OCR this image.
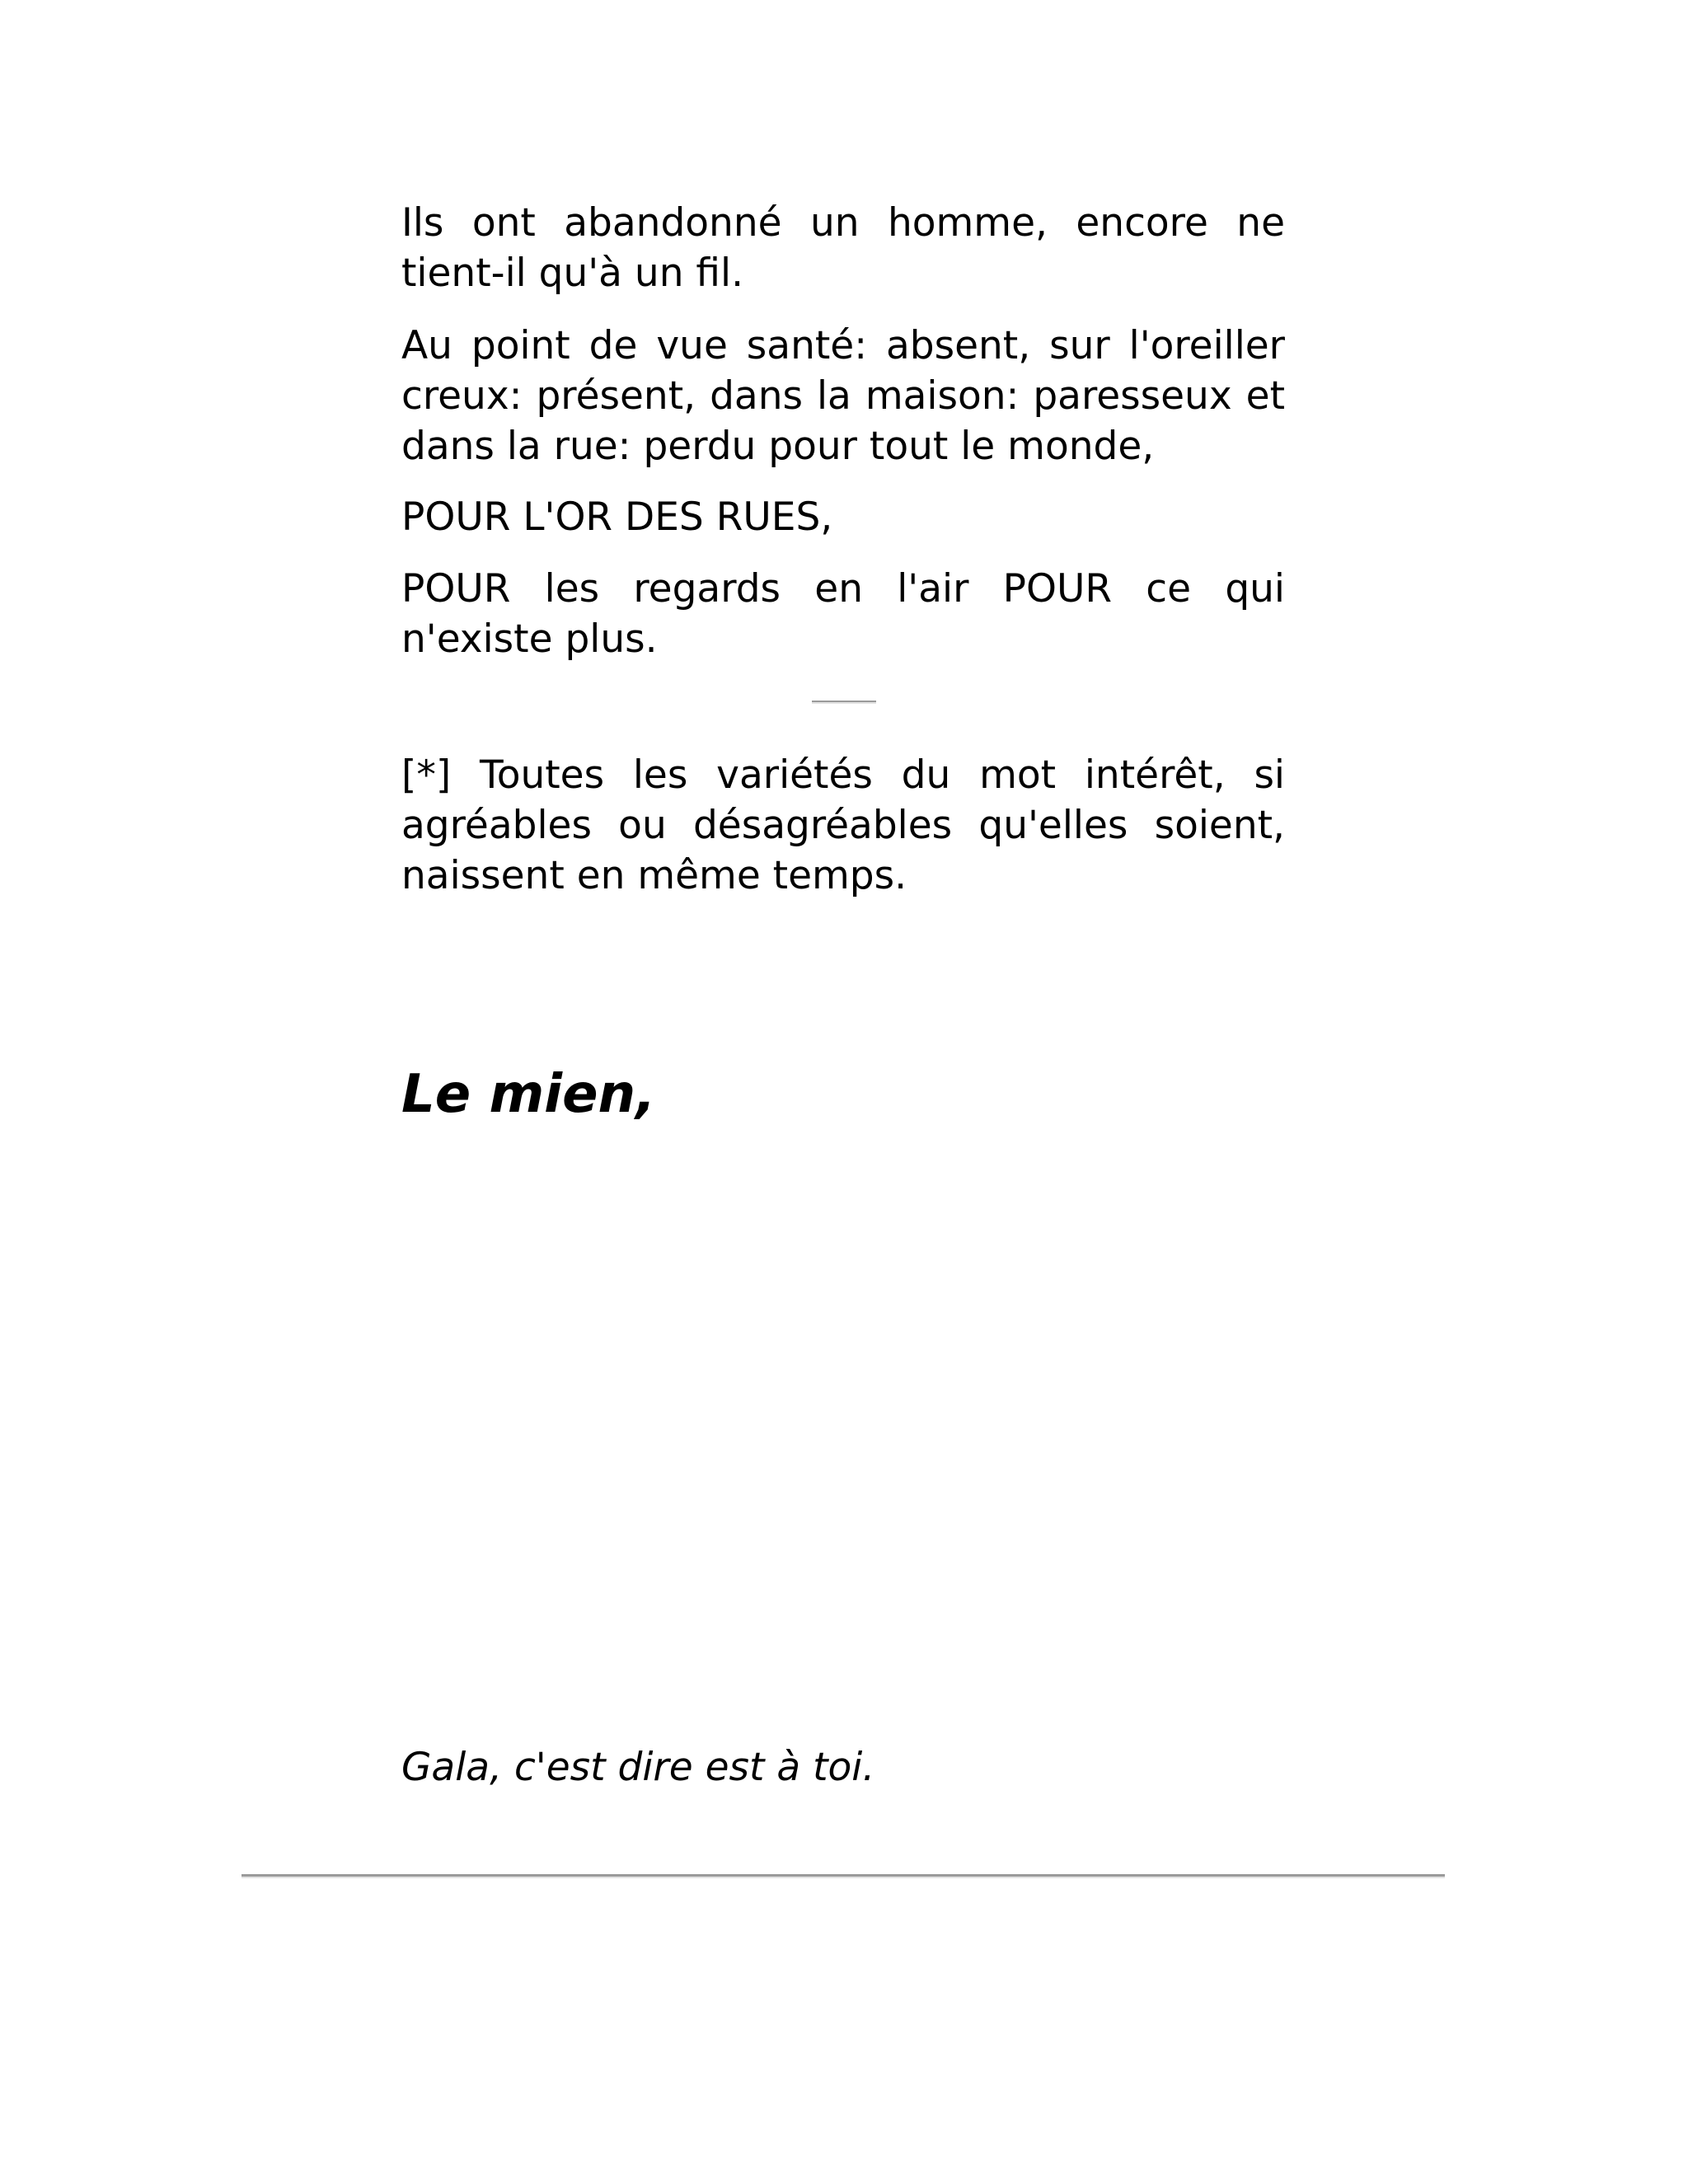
Ils ont abandonné un homme, encore ne tient-il qu'à un fil.

Au point de vue santé: absent, sur l'oreiller creux: présent, dans la maison: paresseux et dans la rue: perdu pour tout le monde,

POUR L'OR DES RUES,

POUR les regards en l'air POUR ce qui n'existe plus.

[*] Toutes les variétés du mot intérêt, si agréables ou désagréables qu'elles soient, naissent en même temps.

Le mien,

Gala, c'est dire est à toi.
